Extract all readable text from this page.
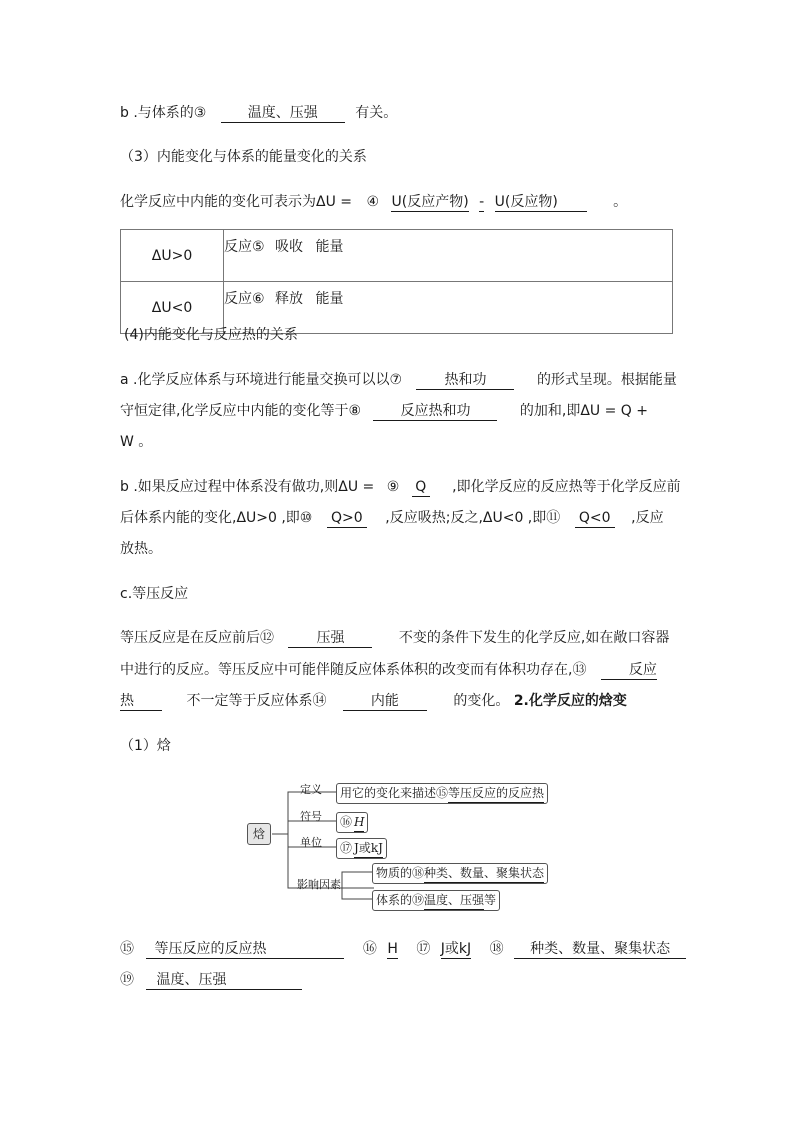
b .与体系的③	温度、压强	有关。
（3）内能变化与体系的能量变化的关系
化学反应中内能的变化可表示为ΔU = ④ U(反应产物) - U(反应物)	。
ΔU>0	反应⑤ 吸收 能量
ΔU<0	反应⑥ 释放 能量
(4)内能变化与反应热的关系
a .化学反应体系与环境进行能量交换可以以⑦	热和功	的形式呈现。根据能量
守恒定律,化学反应中内能的变化等于⑧	反应热和功	的加和,即ΔU = Q +
W 。
b .如果反应过程中体系没有做功,则ΔU = ⑨ Q ,即化学反应的反应热等于化学反应前
后体系内能的变化,ΔU>0 ,即⑩ Q>0 ,反应吸热;反之,ΔU<0 ,即⑪ Q<0 ,反应
放热。
c.等压反应
等压反应是在反应前后⑫	压强	不变的条件下发生的化学反应,如在敞口容器
中进行的反应。等压反应中可能伴随反应体系体积的改变而有体积功存在,⑬	反应
热	不一定等于反应体系⑭	内能	的变化。 2.化学反应的焓变
（1）焓
焓
定义
符号
单位
影响因素
用它的变化来描述⑮等压反应的反应热
⑯ H
⑰ J或kJ
物质的⑱种类、数量、聚集状态
体系的⑲温度、压强等
⑮ 等压反应的反应热	⑯ H ⑰ J或kJ ⑱ 种类、数量、聚集状态
⑲ 温度、压强
